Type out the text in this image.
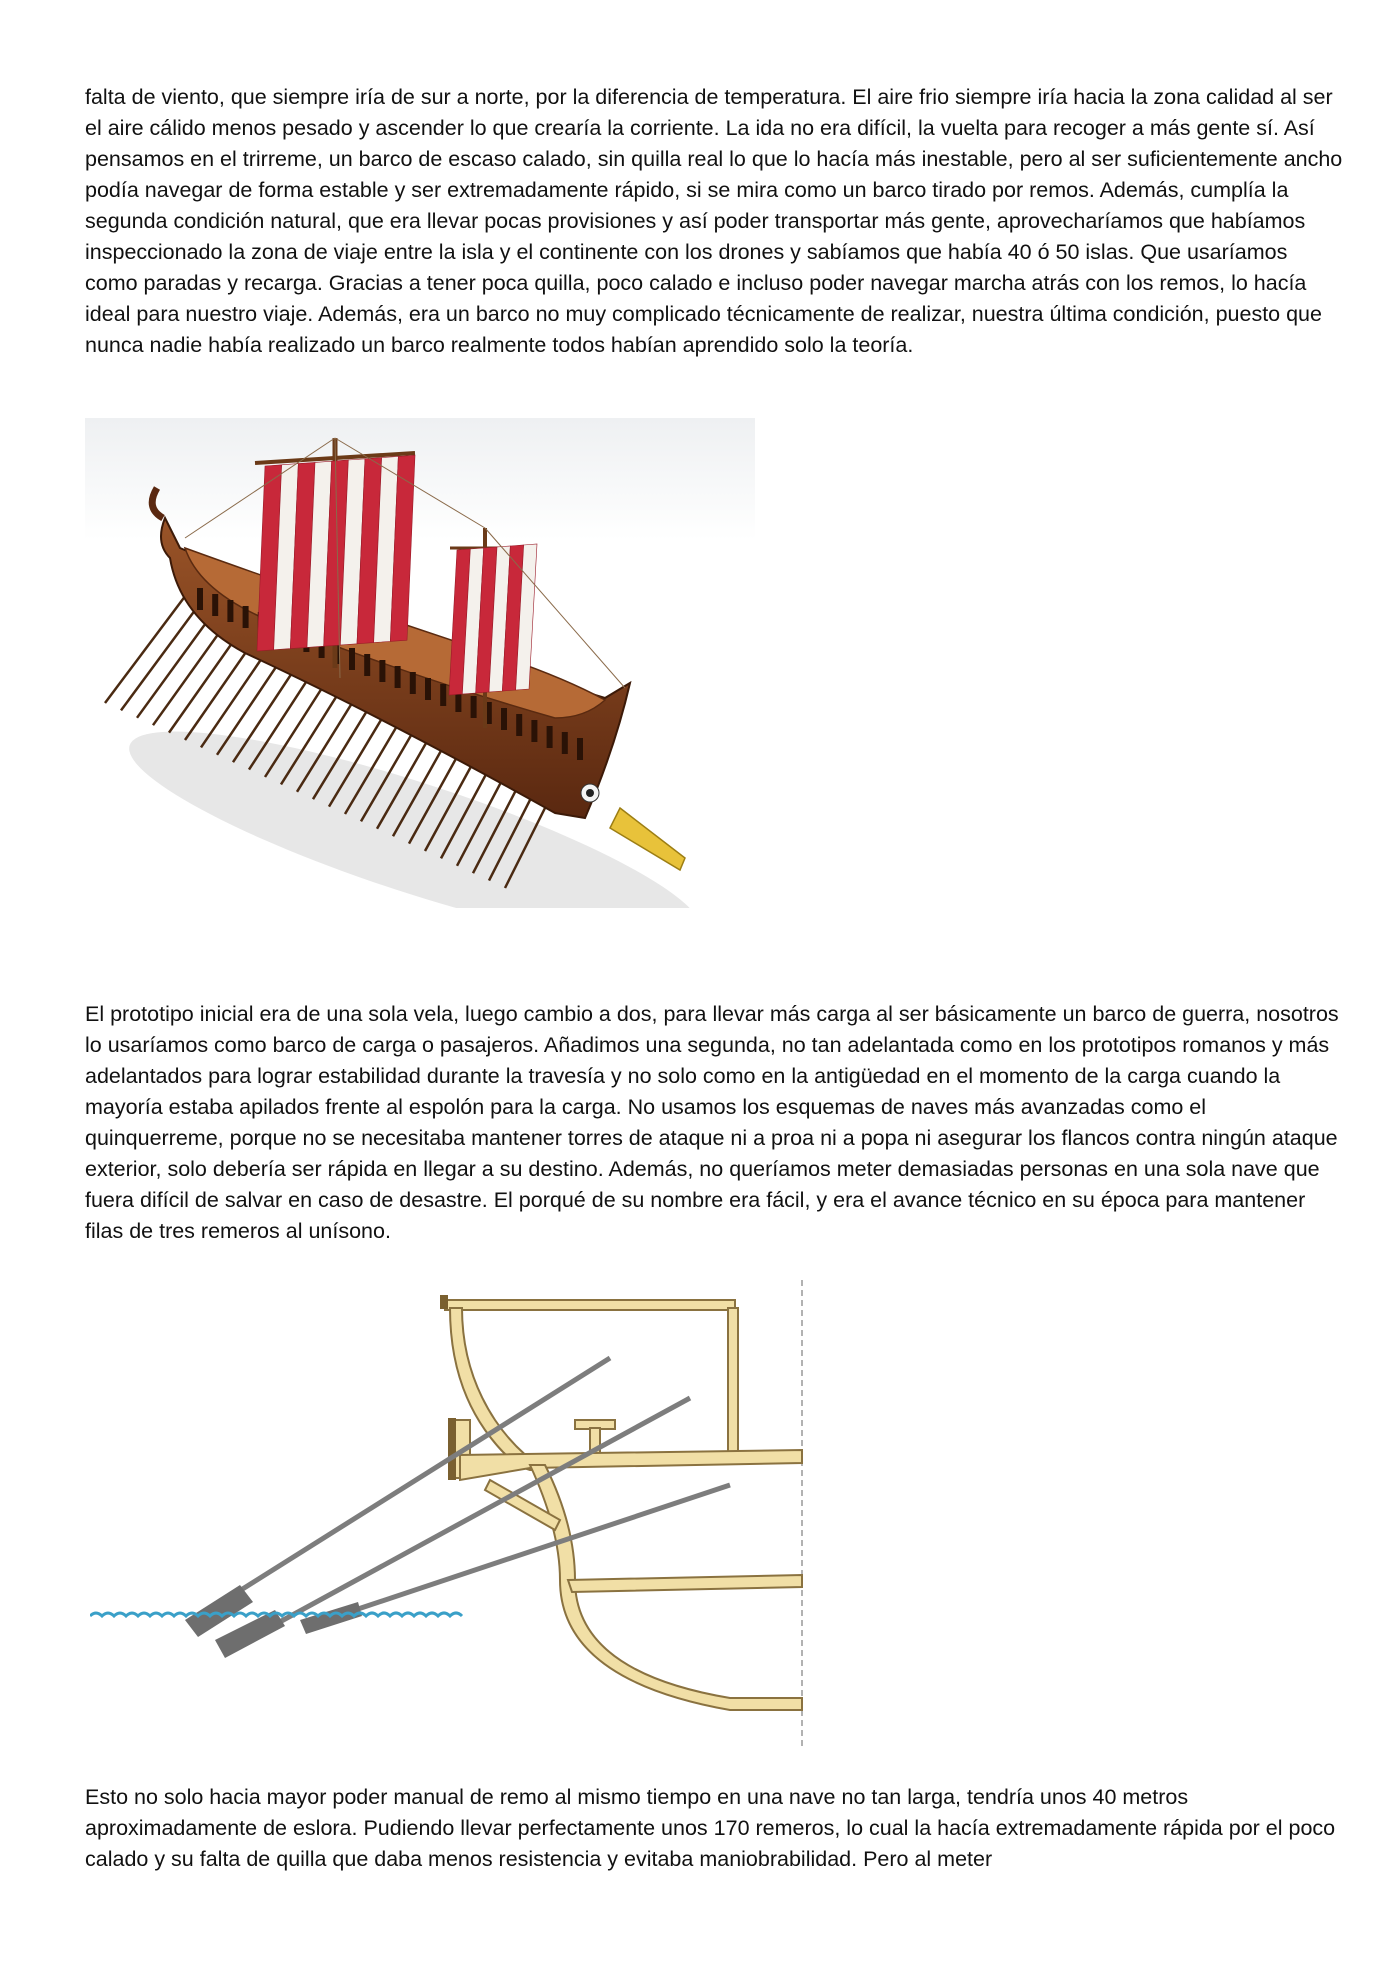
falta de viento, que siempre iría de sur a norte, por la diferencia de temperatura. El aire frio siempre iría hacia la zona calidad al ser el aire cálido menos pesado y ascender lo que crearía la corriente. La ida no era difícil, la vuelta para recoger a más gente sí. Así pensamos en el trirreme, un barco de escaso calado, sin quilla real lo que lo hacía más inestable, pero al ser suficientemente ancho podía navegar de forma estable y ser extremadamente rápido, si se mira como un barco tirado por remos. Además, cumplía la segunda condición natural, que era llevar pocas provisiones y así poder transportar más gente, aprovecharíamos que habíamos inspeccionado la zona de viaje entre la isla y el continente con los drones y sabíamos que había 40 ó 50 islas. Que usaríamos como paradas y recarga. Gracias a tener poca quilla, poco calado e incluso poder navegar marcha atrás con los remos, lo hacía ideal para nuestro viaje. Además, era un barco no muy complicado técnicamente de realizar, nuestra última condición, puesto que nunca nadie había realizado un barco realmente todos habían aprendido solo la teoría.

El prototipo inicial era de una sola vela, luego cambio a dos, para llevar más carga al ser básicamente un barco de guerra, nosotros lo usaríamos como barco de carga o pasajeros. Añadimos una segunda, no tan adelantada como en los prototipos romanos y más adelantados para lograr estabilidad durante la travesía y no solo como en la antigüedad en el momento de la carga cuando la mayoría estaba apilados frente al espolón para la carga. No usamos los esquemas de naves más avanzadas como el quinquerreme, porque no se necesitaba mantener torres de ataque ni a proa ni a popa ni asegurar los flancos contra ningún ataque exterior, solo debería ser rápida en llegar a su destino. Además, no queríamos meter demasiadas personas en una sola nave que fuera difícil de salvar en caso de desastre. El porqué de su nombre era fácil, y era el avance técnico en su época para mantener filas de tres remeros al unísono.

Esto no solo hacia mayor poder manual de remo al mismo tiempo en una nave no tan larga, tendría unos 40 metros aproximadamente de eslora. Pudiendo llevar perfectamente unos 170 remeros, lo cual la hacía extremadamente rápida por el poco calado y su falta de quilla que daba menos resistencia y evitaba maniobrabilidad. Pero al meter
